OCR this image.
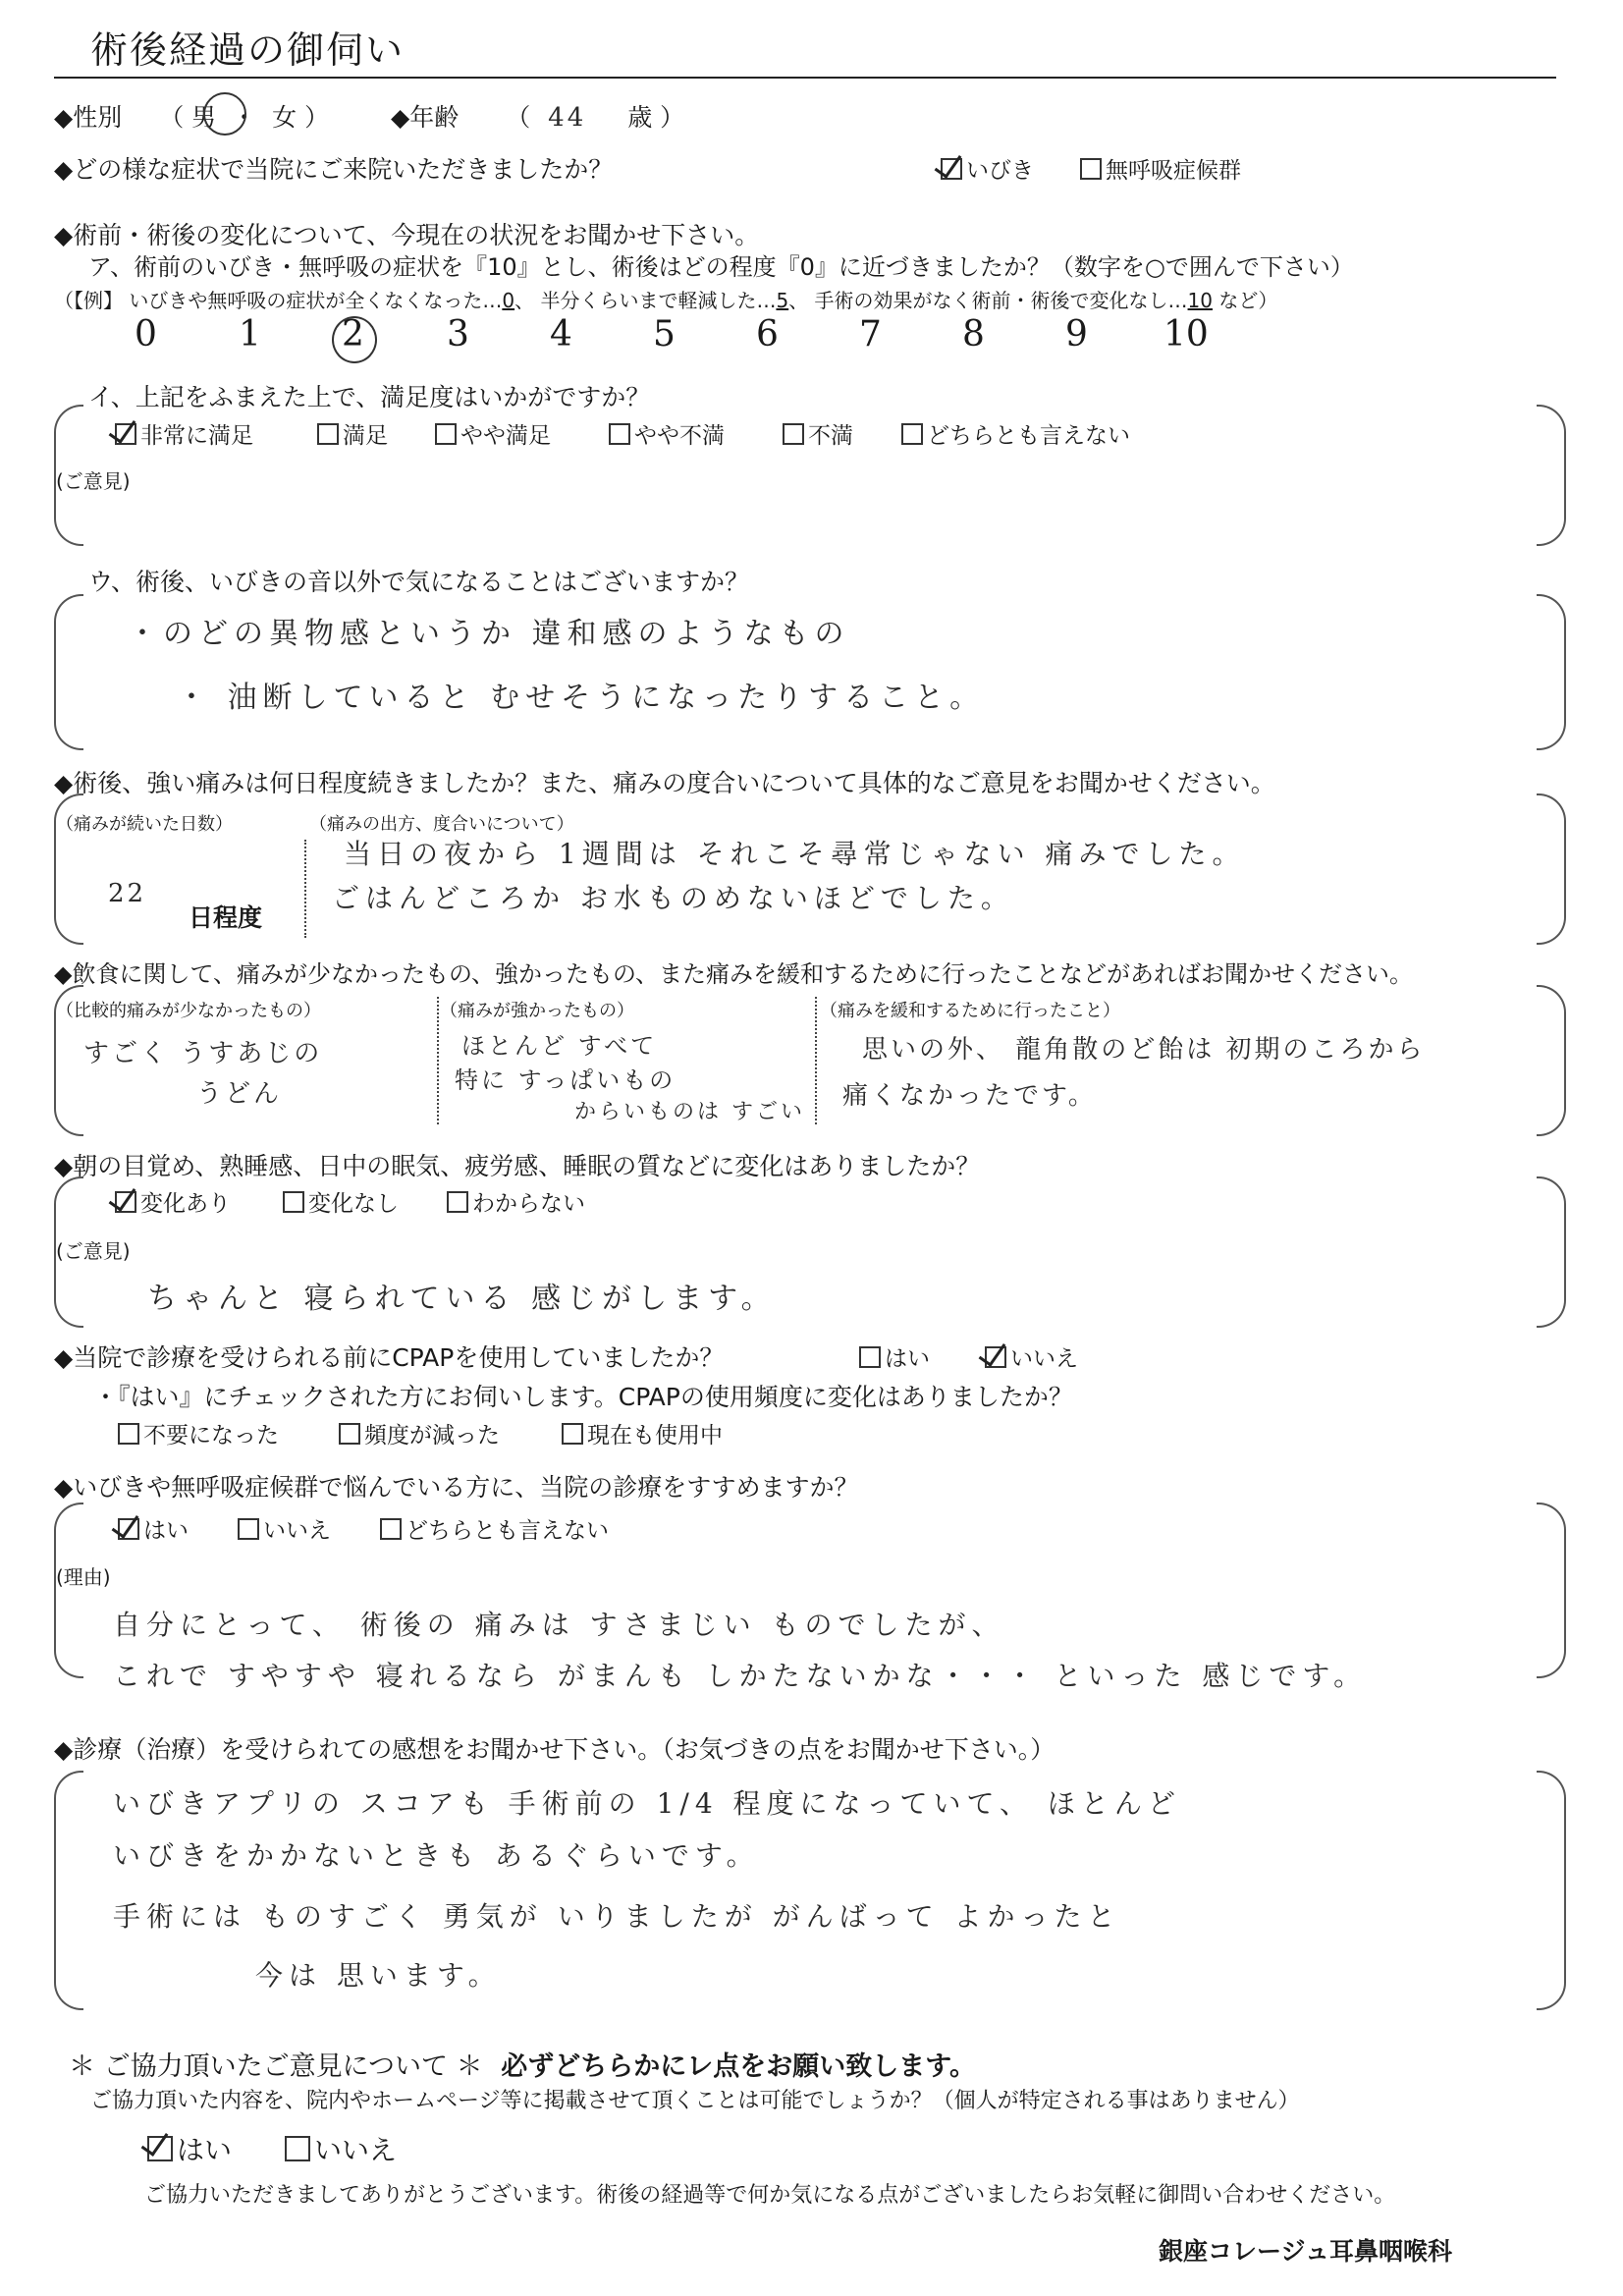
術後経過の御伺い
◆性別 （ 男 ・ 女 ）	◆年齢 （ 44 歳 ）
◆どの様な症状で当院にご来院いただきましたか？	いびき	無呼吸症候群
◆術前・術後の変化について、今現在の状況をお聞かせ下さい。
ア、術前のいびき・無呼吸の症状を『10』とし、術後はどの程度『0』に近づきましたか？（数字を○で囲んで下さい）
（【例】 いびきや無呼吸の症状が全くなくなった…0、 半分くらいまで軽減した…5、 手術の効果がなく術前・術後で変化なし…10 など）
0 1 2 3 4 5 6 7 8 9 10
イ、上記をふまえた上で、満足度はいかがですか？
非常に満足	満足	やや満足	やや不満	不満	どちらとも言えない
(ご意見)
ウ、術後、いびきの音以外で気になることはございますか？
・のどの異物感というか 違和感のようなもの
・ 油断していると むせそうになったりすること。
◆術後、強い痛みは何日程度続きましたか？また、痛みの度合いについて具体的なご意見をお聞かせください。
（痛みが続いた日数）
22
日程度
（痛みの出方、度合いについて）
当日の夜から 1週間は それこそ尋常じゃない 痛みでした。
ごはんどころか お水ものめないほどでした。
◆飲食に関して、痛みが少なかったもの、強かったもの、また痛みを緩和するために行ったことなどがあればお聞かせください。
（比較的痛みが少なかったもの）
すごく うすあじの
うどん
（痛みが強かったもの）
ほとんど すべて
特に すっぱいもの
からいものは すごい
（痛みを緩和するために行ったこと）
思いの外、 龍角散のど飴は 初期のころから
痛くなかったです。
◆朝の目覚め、熟睡感、日中の眠気、疲労感、睡眠の質などに変化はありましたか？
変化あり	変化なし	わからない
(ご意見)
ちゃんと 寝られている 感じがします。
◆当院で診療を受けられる前にCPAPを使用していましたか？	はい	いいえ
・『はい』にチェックされた方にお伺いします。CPAPの使用頻度に変化はありましたか？
不要になった	頻度が減った	現在も使用中
◆いびきや無呼吸症候群で悩んでいる方に、当院の診療をすすめますか？
はい	いいえ	どちらとも言えない
(理由)
自分にとって、 術後の 痛みは すさまじい ものでしたが、
これで すやすや 寝れるなら がまんも しかたないかな・・・ といった 感じです。
◆診療（治療）を受けられての感想をお聞かせ下さい。（お気づきの点をお聞かせ下さい。）
いびきアプリの スコアも 手術前の 1/4 程度になっていて、 ほとんど
いびきをかかないときも あるぐらいです。
手術には ものすごく 勇気が いりましたが がんばって よかったと
今は 思います。
＊ ご協力頂いたご意見について ＊ 必ずどちらかにレ点をお願い致します。
ご協力頂いた内容を、院内やホームページ等に掲載させて頂くことは可能でしょうか？（個人が特定される事はありません）
はい	いいえ
ご協力いただきましてありがとうございます。術後の経過等で何か気になる点がございましたらお気軽に御問い合わせください。
銀座コレージュ耳鼻咽喉科
